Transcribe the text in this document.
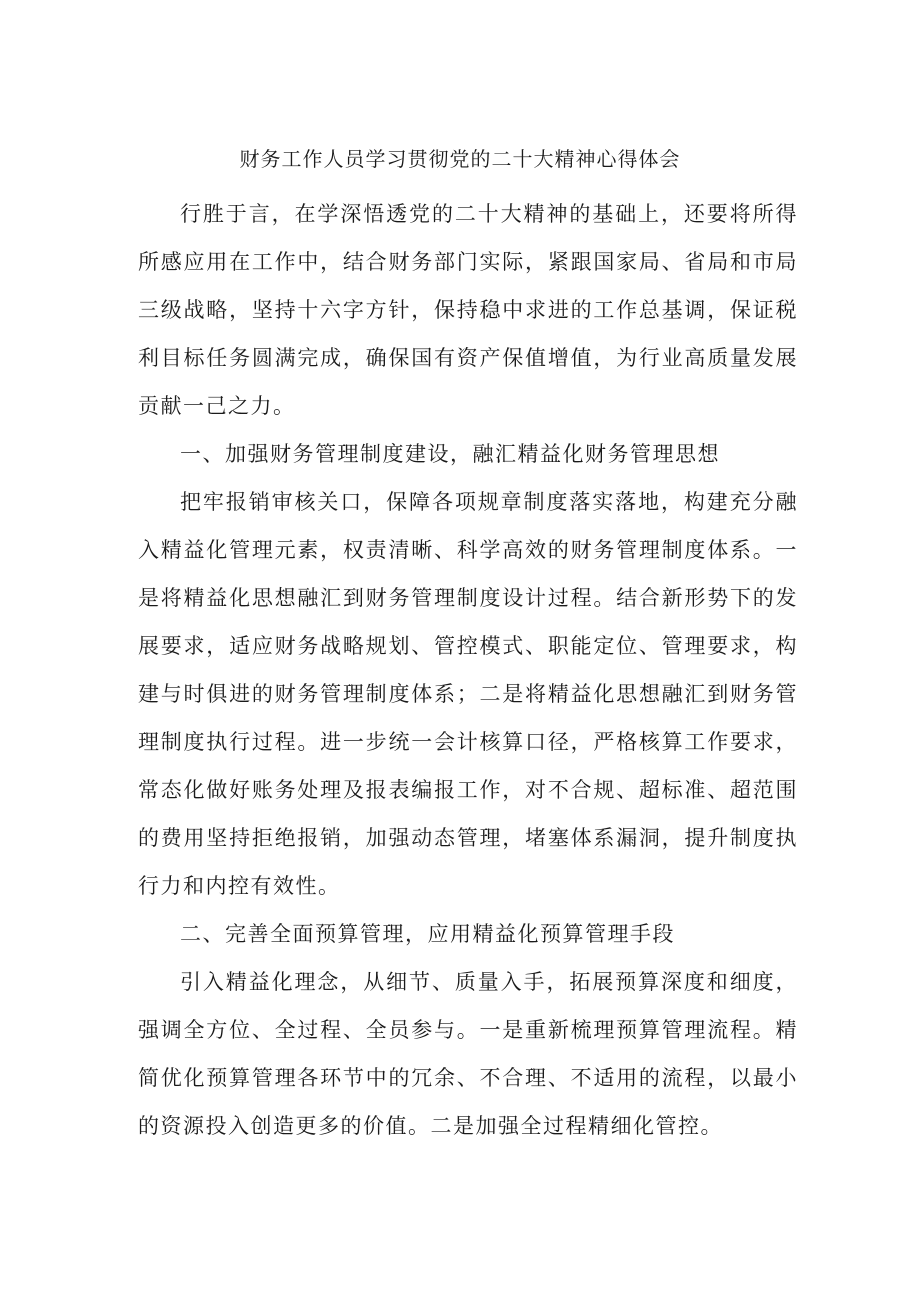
财务工作人员学习贯彻党的二十大精神心得体会

行胜于言，在学深悟透党的二十大精神的基础上，还要将所得所感应用在工作中，结合财务部门实际，紧跟国家局、省局和市局三级战略，坚持十六字方针，保持稳中求进的工作总基调，保证税利目标任务圆满完成，确保国有资产保值增值，为行业高质量发展贡献一己之力。

一、加强财务管理制度建设，融汇精益化财务管理思想

把牢报销审核关口，保障各项规章制度落实落地，构建充分融入精益化管理元素，权责清晰、科学高效的财务管理制度体系。一是将精益化思想融汇到财务管理制度设计过程。结合新形势下的发展要求，适应财务战略规划、管控模式、职能定位、管理要求，构建与时俱进的财务管理制度体系；二是将精益化思想融汇到财务管理制度执行过程。进一步统一会计核算口径，严格核算工作要求，常态化做好账务处理及报表编报工作，对不合规、超标准、超范围的费用坚持拒绝报销，加强动态管理，堵塞体系漏洞，提升制度执行力和内控有效性。

二、完善全面预算管理，应用精益化预算管理手段

引入精益化理念，从细节、质量入手，拓展预算深度和细度，强调全方位、全过程、全员参与。一是重新梳理预算管理流程。精简优化预算管理各环节中的冗余、不合理、不适用的流程，以最小的资源投入创造更多的价值。二是加强全过程精细化管控。
